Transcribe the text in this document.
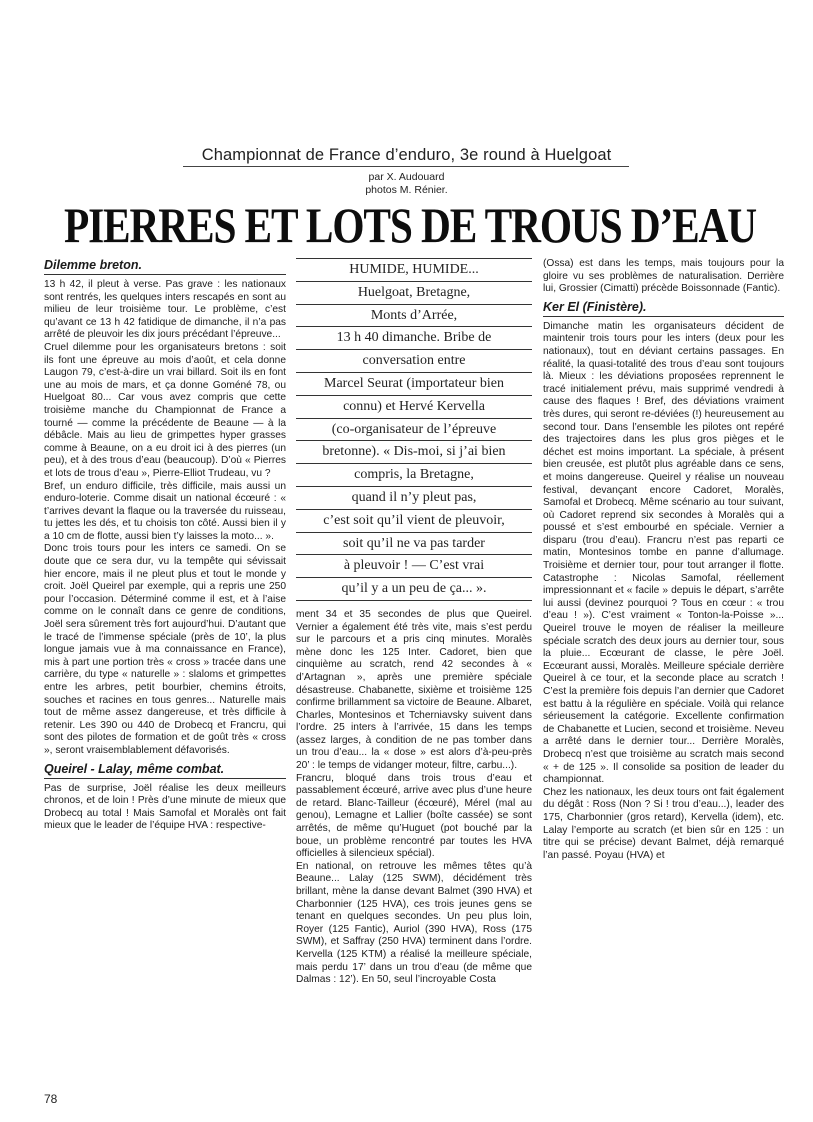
Championnat de France d’enduro, 3e round à Huelgoat
par X. Audouard
photos M. Rénier.
PIERRES ET LOTS DE TROUS D’EAU
Dilemme breton.

13 h 42, il pleut à verse. Pas grave : les nationaux sont rentrés, les quelques inters rescapés en sont au milieu de leur troisième tour. Le problème, c’est qu’avant ce 13 h 42 fatidique de dimanche, il n’a pas arrêté de pleuvoir les dix jours précédant l’épreuve...

Cruel dilemme pour les organisateurs bretons : soit ils font une épreuve au mois d’août, et cela donne Laugon 79, c’est-à-dire un vrai billard. Soit ils en font une au mois de mars, et ça donne Goméné 78, ou Huelgoat 80... Car vous avez compris que cette troisième manche du Championnat de France a tourné — comme la précédente de Beaune — à la débâcle. Mais au lieu de grimpettes hyper grasses comme à Beaune, on a eu droit ici à des pierres (un peu), et à des trous d’eau (beaucoup). D’où « Pierres et lots de trous d’eau », Pierre-Elliot Trudeau, vu ?

Bref, un enduro difficile, très difficile, mais aussi un enduro-loterie. Comme disait un national écœuré : « t’arrives devant la flaque ou la traversée du ruisseau, tu jettes les dés, et tu choisis ton côté. Aussi bien il y a 10 cm de flotte, aussi bien t’y laisses la moto... ».

Donc trois tours pour les inters ce samedi. On se doute que ce sera dur, vu la tempête qui sévissait hier encore, mais il ne pleut plus et tout le monde y croit. Joël Queirel par exemple, qui a repris une 250 pour l’occasion. Déterminé comme il est, et à l’aise comme on le connaît dans ce genre de conditions, Joël sera sûrement très fort aujourd’hui. D’autant que le tracé de l’immense spéciale (près de 10’, la plus longue jamais vue à ma connaissance en France), mis à part une portion très « cross » tracée dans une carrière, du type « naturelle » : slaloms et grimpettes entre les arbres, petit bourbier, chemins étroits, souches et racines en tous genres... Naturelle mais tout de même assez dangereuse, et très difficile à retenir. Les 390 ou 440 de Drobecq et Francru, qui sont des pilotes de formation et de goût très « cross », seront vraisemblablement défavorisés.

Queirel - Lalay, même combat.

Pas de surprise, Joël réalise les deux meilleurs chronos, et de loin ! Près d’une minute de mieux que Drobecq au total ! Mais Samofal et Moralès ont fait mieux que le leader de l’équipe HVA : respective-

HUMIDE, HUMIDE...
Huelgoat, Bretagne,
Monts d’Arrée,
13 h 40 dimanche. Bribe de
conversation entre
Marcel Seurat (importateur bien
connu) et Hervé Kervella
(co-organisateur de l’épreuve
bretonne). « Dis-moi, si j’ai bien
compris, la Bretagne,
quand il n’y pleut pas,
c’est soit qu’il vient de pleuvoir,
soit qu’il ne va pas tarder
à pleuvoir ! — C’est vrai
qu’il y a un peu de ça... ».

ment 34 et 35 secondes de plus que Queirel. Vernier a également été très vite, mais s’est perdu sur le parcours et a pris cinq minutes. Moralès mène donc les 125 Inter. Cadoret, bien que cinquième au scratch, rend 42 secondes à « d’Artagnan », après une première spéciale désastreuse. Chabanette, sixième et troisième 125 confirme brillamment sa victoire de Beaune. Albaret, Charles, Montesinos et Tcherniavsky suivent dans l’ordre. 25 inters à l’arrivée, 15 dans les temps (assez larges, à condition de ne pas tomber dans un trou d’eau... la « dose » est alors d’à-peu-près 20’ : le temps de vidanger moteur, filtre, carbu...).

Francru, bloqué dans trois trous d’eau et passablement écœuré, arrive avec plus d’une heure de retard. Blanc-Tailleur (écœuré), Mérel (mal au genou), Lemagne et Lallier (boîte cassée) se sont arrêtés, de même qu’Huguet (pot bouché par la boue, un problème rencontré par toutes les HVA officielles à silencieux spécial).

En national, on retrouve les mêmes têtes qu’à Beaune... Lalay (125 SWM), décidément très brillant, mène la danse devant Balmet (390 HVA) et Charbonnier (125 HVA), ces trois jeunes gens se tenant en quelques secondes. Un peu plus loin, Royer (125 Fantic), Auriol (390 HVA), Ross (175 SWM), et Saffray (250 HVA) terminent dans l’ordre. Kervella (125 KTM) a réalisé la meilleure spéciale, mais perdu 17’ dans un trou d’eau (de même que Dalmas : 12’). En 50, seul l’incroyable Costa

(Ossa) est dans les temps, mais toujours pour la gloire vu ses problèmes de naturalisation. Derrière lui, Grossier (Cimatti) précède Boissonnade (Fantic).

Ker El (Finistère).

Dimanche matin les organisateurs décident de maintenir trois tours pour les inters (deux pour les nationaux), tout en déviant certains passages. En réalité, la quasi-totalité des trous d’eau sont toujours là. Mieux : les déviations proposées reprennent le tracé initialement prévu, mais supprimé vendredi à cause des flaques ! Bref, des déviations vraiment très dures, qui seront re-déviées (!) heureusement au second tour. Dans l’ensemble les pilotes ont repéré des trajectoires dans les plus gros pièges et le déchet est moins important. La spéciale, à présent bien creusée, est plutôt plus agréable dans ce sens, et moins dangereuse. Queirel y réalise un nouveau festival, devançant encore Cadoret, Moralès, Samofal et Drobecq. Même scénario au tour suivant, où Cadoret reprend six secondes à Moralès qui a poussé et s’est embourbé en spéciale. Vernier a disparu (trou d’eau). Francru n’est pas reparti ce matin, Montesinos tombe en panne d’allumage. Troisième et dernier tour, pour tout arranger il flotte. Catastrophe : Nicolas Samofal, réellement impressionnant et « facile » depuis le départ, s’arrête lui aussi (devinez pourquoi ? Tous en cœur : « trou d’eau ! »). C’est vraiment « Tonton-la-Poisse »... Queirel trouve le moyen de réaliser la meilleure spéciale scratch des deux jours au dernier tour, sous la pluie... Ecœurant de classe, le père Joël. Ecœurant aussi, Moralès. Meilleure spéciale derrière Queirel à ce tour, et la seconde place au scratch ! C’est la première fois depuis l’an dernier que Cadoret est battu à la régulière en spéciale. Voilà qui relance sérieusement la catégorie. Excellente confirmation de Chabanette et Lucien, second et troisième. Neveu a arrêté dans le dernier tour... Derrière Moralès, Drobecq n’est que troisième au scratch mais second « + de 125 ». Il consolide sa position de leader du championnat.

Chez les nationaux, les deux tours ont fait également du dégât : Ross (Non ? Si ! trou d’eau...), leader des 175, Charbonnier (gros retard), Kervella (idem), etc. Lalay l’emporte au scratch (et bien sûr en 125 : un titre qui se précise) devant Balmet, déjà remarqué l’an passé. Poyau (HVA) et

78
